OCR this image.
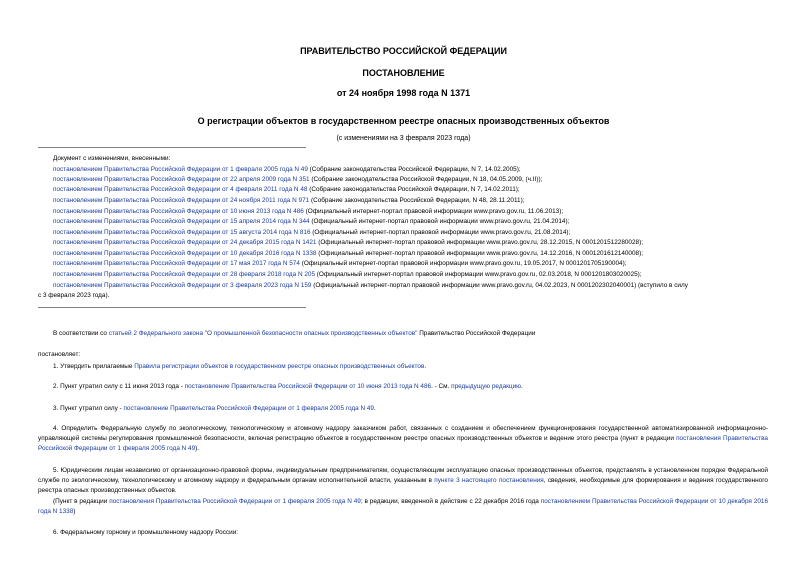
ПРАВИТЕЛЬСТВО РОССИЙСКОЙ ФЕДЕРАЦИИ
ПОСТАНОВЛЕНИЕ
от 24 ноября 1998 года N 1371
О регистрации объектов в государственном реестре опасных производственных объектов
(с изменениями на 3 февраля 2023 года)
Документ с изменениями, внесенными:
постановлением Правительства Российской Федерации от 1 февраля 2005 года N 49 (Собрание законодательства Российской Федерации, N 7, 14.02.2005);
постановлением Правительства Российской Федерации от 22 апреля 2009 года N 351 (Собрание законодательства Российской Федерации, N 18, 04.05.2009, (ч.II));
постановлением Правительства Российской Федерации от 4 февраля 2011 года N 48 (Собрание законодательства Российской Федерации, N 7, 14.02.2011);
постановлением Правительства Российской Федерации от 24 ноября 2011 года N 971 (Собрание законодательства Российской Федерации, N 48, 28.11.2011);
постановлением Правительства Российской Федерации от 10 июня 2013 года N 486 (Официальный интернет-портал правовой информации www.pravo.gov.ru, 11.06.2013);
постановлением Правительства Российской Федерации от 15 апреля 2014 года N 344 (Официальный интернет-портал правовой информации www.pravo.gov.ru, 21.04.2014);
постановлением Правительства Российской Федерации от 15 августа 2014 года N 816 (Официальный интернет-портал правовой информации www.pravo.gov.ru, 21.08.2014);
постановлением Правительства Российской Федерации от 24 декабря 2015 года N 1421 (Официальный интернет-портал правовой информации www.pravo.gov.ru, 28.12.2015, N 0001201512280028);
постановлением Правительства Российской Федерации от 10 декабря 2016 года N 1338 (Официальный интернет-портал правовой информации www.pravo.gov.ru, 14.12.2016, N 0001201612140008);
постановлением Правительства Российской Федерации от 17 мая 2017 года N 574 (Официальный интернет-портал правовой информации www.pravo.gov.ru, 19.05.2017, N 0001201705190004);
постановлением Правительства Российской Федерации от 28 февраля 2018 года N 205 (Официальный интернет-портал правовой информации www.pravo.gov.ru, 02.03.2018, N 0001201803020025);
постановлением Правительства Российской Федерации от 3 февраля 2023 года N 159 (Официальный интернет-портал правовой информации www.pravo.gov.ru, 04.02.2023, N 0001202302040001) (вступило в силу
с 3 февраля 2023 года).
В соответствии со статьей 2 Федерального закона "О промышленной безопасности опасных производственных объектов" Правительство Российской Федерации
постановляет:
1. Утвердить прилагаемые Правила регистрации объектов в государственном реестре опасных производственных объектов.
2. Пункт утратил силу с 11 июня 2013 года - постановление Правительства Российской Федерации от 10 июня 2013 года N 486. - См. предыдущую редакцию.
3. Пункт утратил силу - постановление Правительства Российской Федерации от 1 февраля 2005 года N 49.
4. Определить Федеральную службу по экологическому, технологическому и атомному надзору заказчиком работ, связанных с созданием и обеспечением функционирования государственной автоматизированной информационно-управляющей системы регулирования промышленной безопасности, включая регистрацию объектов в государственном реестре опасных производственных объектов и ведение этого реестра (пункт в редакции постановления Правительства Российской Федерации от 1 февраля 2005 года N 49).
5. Юридическим лицам независимо от организационно-правовой формы, индивидуальным предпринимателям, осуществляющим эксплуатацию опасных производственных объектов, представлять в установленном порядке Федеральной службе по экологическому, технологическому и атомному надзору и федеральным органам исполнительной власти, указанным в пункте 3 настоящего постановления, сведения, необходимые для формирования и ведения государственного реестра опасных производственных объектов.
(Пункт в редакции постановления Правительства Российской Федерации от 1 февраля 2005 года N 49; в редакции, введенной в действие с 22 декабря 2016 года постановлением Правительства Российской Федерации от 10 декабря 2016 года N 1338)
6. Федеральному горному и промышленному надзору России:
